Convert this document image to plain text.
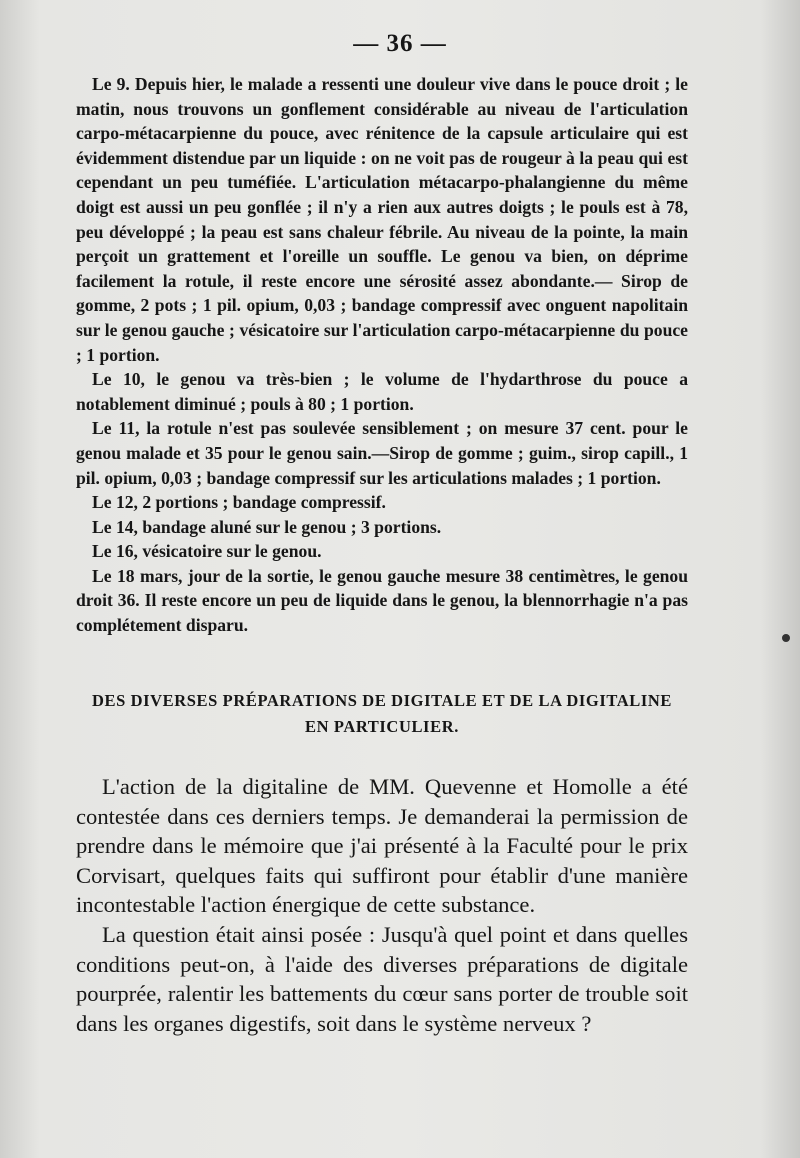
— 36 —

Le 9. Depuis hier, le malade a ressenti une douleur vive dans le pouce droit ; le matin, nous trouvons un gonflement considérable au niveau de l'articulation carpo-métacarpienne du pouce, avec rénitence de la capsule articulaire qui est évidemment distendue par un liquide : on ne voit pas de rougeur à la peau qui est cependant un peu tuméfiée. L'articulation métacarpo-phalangienne du même doigt est aussi un peu gonflée ; il n'y a rien aux autres doigts ; le pouls est à 78, peu développé ; la peau est sans chaleur fébrile. Au niveau de la pointe, la main perçoit un grattement et l'oreille un souffle. Le genou va bien, on déprime facilement la rotule, il reste encore une sérosité assez abondante.— Sirop de gomme, 2 pots ; 1 pil. opium, 0,03 ; bandage compressif avec onguent napolitain sur le genou gauche ; vésicatoire sur l'articulation carpo-métacarpienne du pouce ; 1 portion.

Le 10, le genou va très-bien ; le volume de l'hydarthrose du pouce a notablement diminué ; pouls à 80 ; 1 portion.

Le 11, la rotule n'est pas soulevée sensiblement ; on mesure 37 cent. pour le genou malade et 35 pour le genou sain.—Sirop de gomme ; guim., sirop capill., 1 pil. opium, 0,03 ; bandage compressif sur les articulations malades ; 1 portion.

Le 12, 2 portions ; bandage compressif.

Le 14, bandage aluné sur le genou ; 3 portions.

Le 16, vésicatoire sur le genou.

Le 18 mars, jour de la sortie, le genou gauche mesure 38 centimètres, le genou droit 36. Il reste encore un peu de liquide dans le genou, la blennorrhagie n'a pas complétement disparu.

DES DIVERSES PRÉPARATIONS DE DIGITALE ET DE LA DIGITALINE
EN PARTICULIER.

L'action de la digitaline de MM. Quevenne et Homolle a été contestée dans ces derniers temps. Je demanderai la permission de prendre dans le mémoire que j'ai présenté à la Faculté pour le prix Corvisart, quelques faits qui suffiront pour établir d'une manière incontestable l'action énergique de cette substance.

La question était ainsi posée : Jusqu'à quel point et dans quelles conditions peut-on, à l'aide des diverses préparations de digitale pourprée, ralentir les battements du cœur sans porter de trouble soit dans les organes digestifs, soit dans le système nerveux ?
